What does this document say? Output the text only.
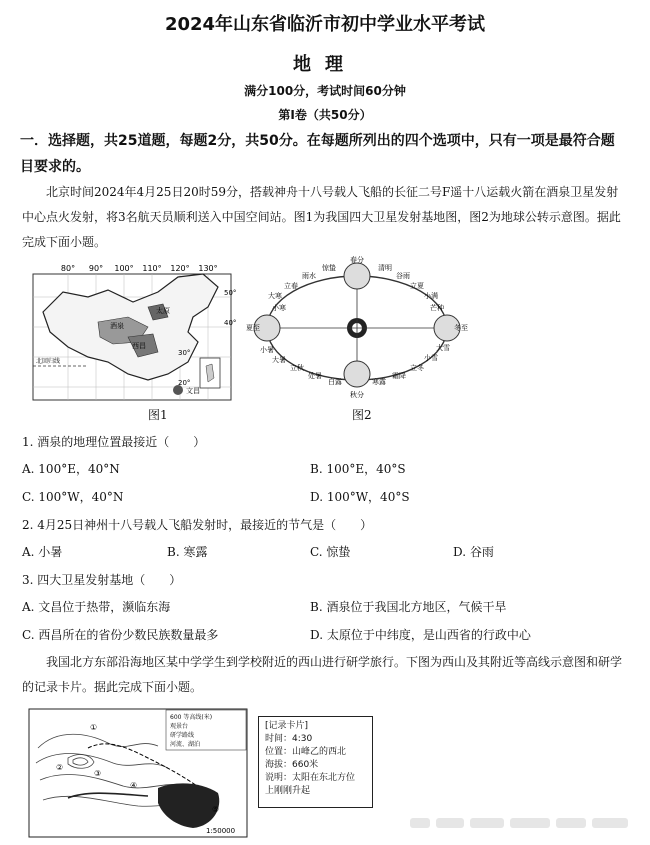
2024年山东省临沂市初中学业水平考试
地理
满分100分，考试时间60分钟
第Ⅰ卷（共50分）
一．选择题，共25道题，每题2分，共50分。在每题所列出的四个选项中，只有一项是最符合题目要求的。
北京时间2024年4月25日20时59分，搭载神舟十八号载人飞船的长征二号F遥十八运载火箭在酒泉卫星发射中心点火发射，将3名航天员顺利送入中国空间站。图1为我国四大卫星发射基地图，图2为地球公转示意图。据此完成下面小题。
80° 90° 100° 110° 120° 130°
50°
40°
30°
20°
酒泉
太原
西昌
北回归线
文昌
图1
春分
清明
谷雨
立夏
小满
芒种
夏至
小暑
大暑
立秋
处暑
白露
秋分
寒露
霜降
立冬
小雪
大雪
冬至
小寒
大寒
立春
雨水
惊蛰
图2
1. 酒泉的地理位置最接近（　　）
A. 100°E，40°N	B. 100°E，40°S
C. 100°W，40°N	D. 100°W，40°S
2. 4月25日神州十八号载人飞船发射时，最接近的节气是（　　）
A. 小暑	B. 寒露	C. 惊蛰	D. 谷雨
3. 四大卫星发射基地（　　）
A. 文昌位于热带，濒临东海	B. 酒泉位于我国北方地区，气候干旱
C. 西昌所在的省份少数民族数量最多	D. 太原位于中纬度，是山西省的行政中心
我国北方东部沿海地区某中学学生到学校附近的西山进行研学旅行。下图为西山及其附近等高线示意图和研学的记录卡片。据此完成下面小题。
600 等高线(米)
观景台
研学路线
河流、湖泊
①
②
③
④
⑤
1:50000
[记录卡片]
时间：4:30
位置：山峰乙的西北
海拔：660米
说明：太阳在东北方位
上刚刚升起
